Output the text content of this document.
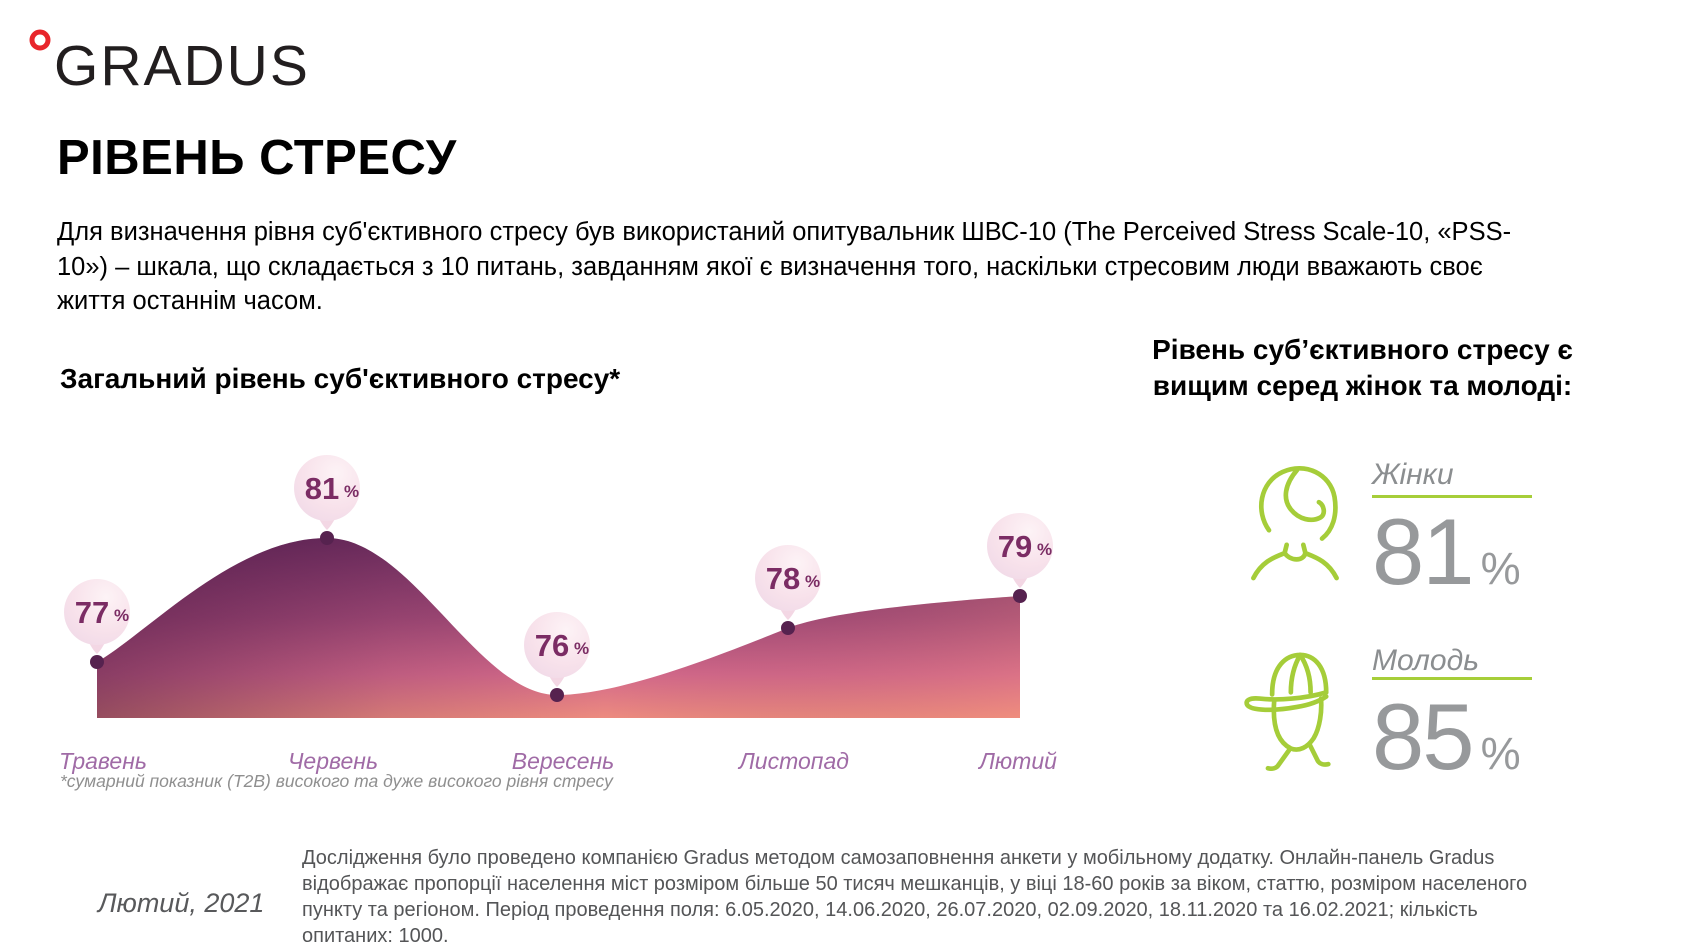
GRADUS
РІВЕНЬ СТРЕСУ
Для визначення рівня суб'єктивного стресу був використаний опитувальник ШВС-10 (The Perceived Stress Scale-10, «PSS-10») – шкала, що складається з 10 питань, завданням якої є визначення того, наскільки стресовим люди вважають своє життя останнім часом.
Загальний рівень суб'єктивного стресу*
77 %
81 %
76 %
78 %
79 %
Травень	Червень	Вересень	Листопад	Лютий
*сумарний показник (Т2В) високого та дуже високого рівня стресу
Рівень суб’єктивного стресу є
вищим серед жінок та молоді:
Жінки
81 %
Молодь
85 %
Лютий, 2021
Дослідження було проведено компанією Gradus методом самозаповнення анкети у мобільному додатку. Онлайн-панель Gradus відображає пропорції населення міст розміром більше 50 тисяч мешканців, у віці 18-60 років за віком, статтю, розміром населеного пункту та регіоном. Період проведення поля: 6.05.2020, 14.06.2020, 26.07.2020, 02.09.2020, 18.11.2020 та 16.02.2021; кількість опитаних: 1000.
